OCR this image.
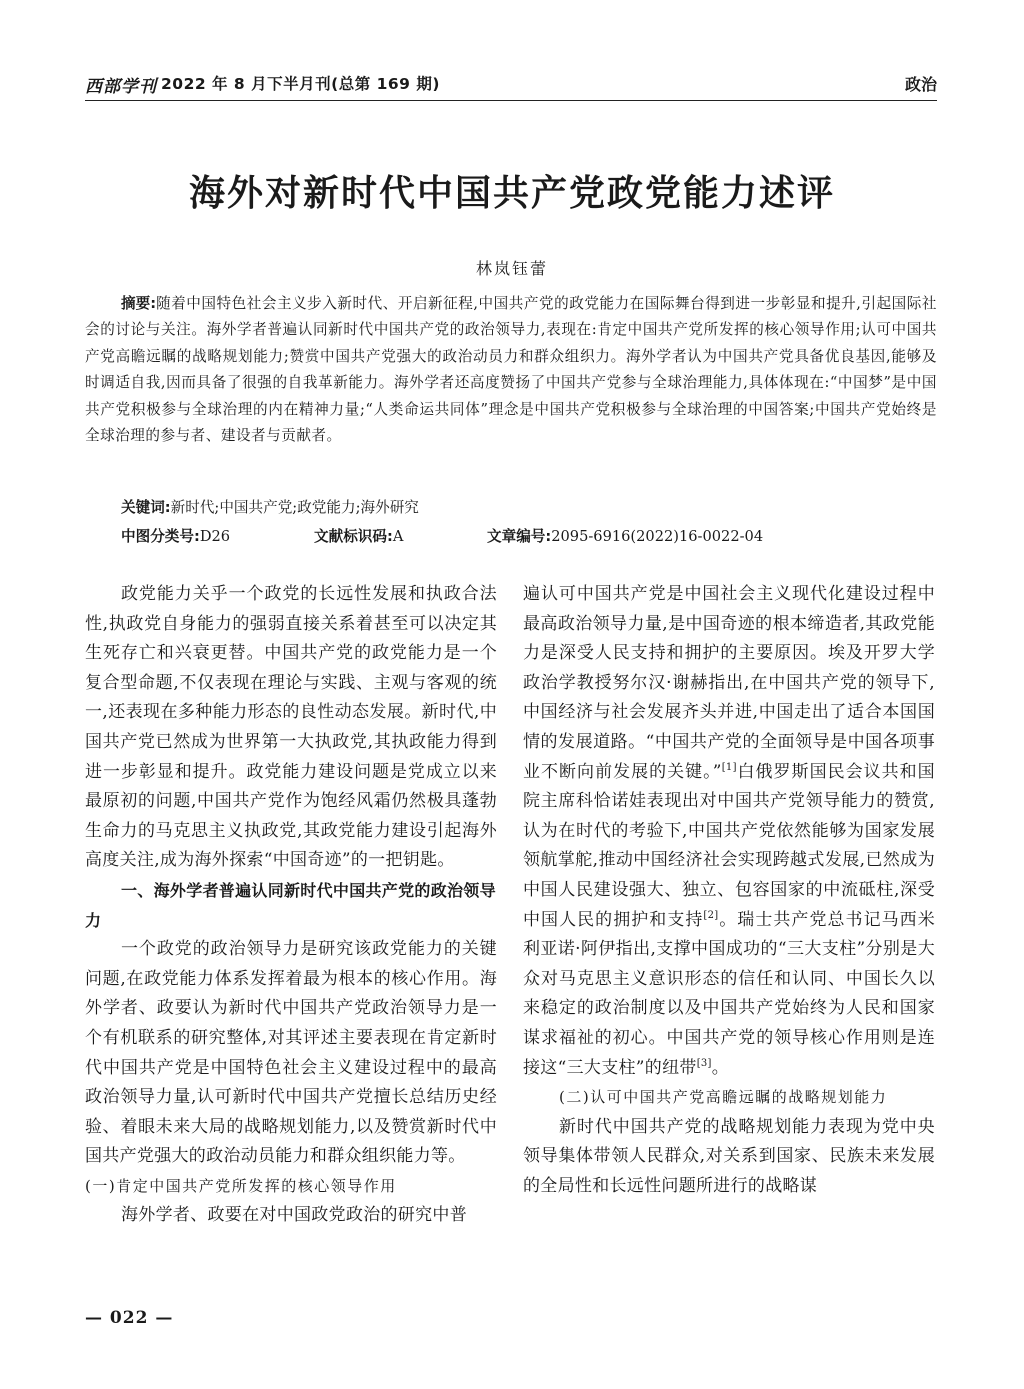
西部学刊 2022 年 8 月下半月刊(总第 169 期)	政治
海外对新时代中国共产党政党能力述评
林岚钰蕾

摘要:随着中国特色社会主义步入新时代、开启新征程,中国共产党的政党能力在国际舞台得到进一步彰显和提升,引起国际社会的讨论与关注。海外学者普遍认同新时代中国共产党的政治领导力,表现在:肯定中国共产党所发挥的核心领导作用;认可中国共产党高瞻远瞩的战略规划能力;赞赏中国共产党强大的政治动员力和群众组织力。海外学者认为中国共产党具备优良基因,能够及时调适自我,因而具备了很强的自我革新能力。海外学者还高度赞扬了中国共产党参与全球治理能力,具体体现在:“中国梦”是中国共产党积极参与全球治理的内在精神力量;“人类命运共同体”理念是中国共产党积极参与全球治理的中国答案;中国共产党始终是全球治理的参与者、建设者与贡献者。

关键词:新时代;中国共产党;政党能力;海外研究
中图分类号:D26	文献标识码:A	文章编号:2095-6916(2022)16-0022-04

政党能力关乎一个政党的长远性发展和执政合法性,执政党自身能力的强弱直接关系着甚至可以决定其生死存亡和兴衰更替。中国共产党的政党能力是一个复合型命题,不仅表现在理论与实践、主观与客观的统一,还表现在多种能力形态的良性动态发展。新时代,中国共产党已然成为世界第一大执政党,其执政能力得到进一步彰显和提升。政党能力建设问题是党成立以来最原初的问题,中国共产党作为饱经风霜仍然极具蓬勃生命力的马克思主义执政党,其政党能力建设引起海外高度关注,成为海外探索“中国奇迹”的一把钥匙。

一、海外学者普遍认同新时代中国共产党的政治领导力

一个政党的政治领导力是研究该政党能力的关键问题,在政党能力体系发挥着最为根本的核心作用。海外学者、政要认为新时代中国共产党政治领导力是一个有机联系的研究整体,对其评述主要表现在肯定新时代中国共产党是中国特色社会主义建设过程中的最高政治领导力量,认可新时代中国共产党擅长总结历史经验、着眼未来大局的战略规划能力,以及赞赏新时代中国共产党强大的政治动员能力和群众组织能力等。

(一)肯定中国共产党所发挥的核心领导作用

海外学者、政要在对中国政党政治的研究中普

遍认可中国共产党是中国社会主义现代化建设过程中最高政治领导力量,是中国奇迹的根本缔造者,其政党能力是深受人民支持和拥护的主要原因。埃及开罗大学政治学教授努尔汉·谢赫指出,在中国共产党的领导下,中国经济与社会发展齐头并进,中国走出了适合本国国情的发展道路。“中国共产党的全面领导是中国各项事业不断向前发展的关键。”[1]白俄罗斯国民会议共和国院主席科恰诺娃表现出对中国共产党领导能力的赞赏,认为在时代的考验下,中国共产党依然能够为国家发展领航掌舵,推动中国经济社会实现跨越式发展,已然成为中国人民建设强大、独立、包容国家的中流砥柱,深受中国人民的拥护和支持[2]。瑞士共产党总书记马西米利亚诺·阿伊指出,支撑中国成功的“三大支柱”分别是大众对马克思主义意识形态的信任和认同、中国长久以来稳定的政治制度以及中国共产党始终为人民和国家谋求福祉的初心。中国共产党的领导核心作用则是连接这“三大支柱”的纽带[3]。

(二)认可中国共产党高瞻远瞩的战略规划能力

新时代中国共产党的战略规划能力表现为党中央领导集体带领人民群众,对关系到国家、民族未来发展的全局性和长远性问题所进行的战略谋

— 022 —
